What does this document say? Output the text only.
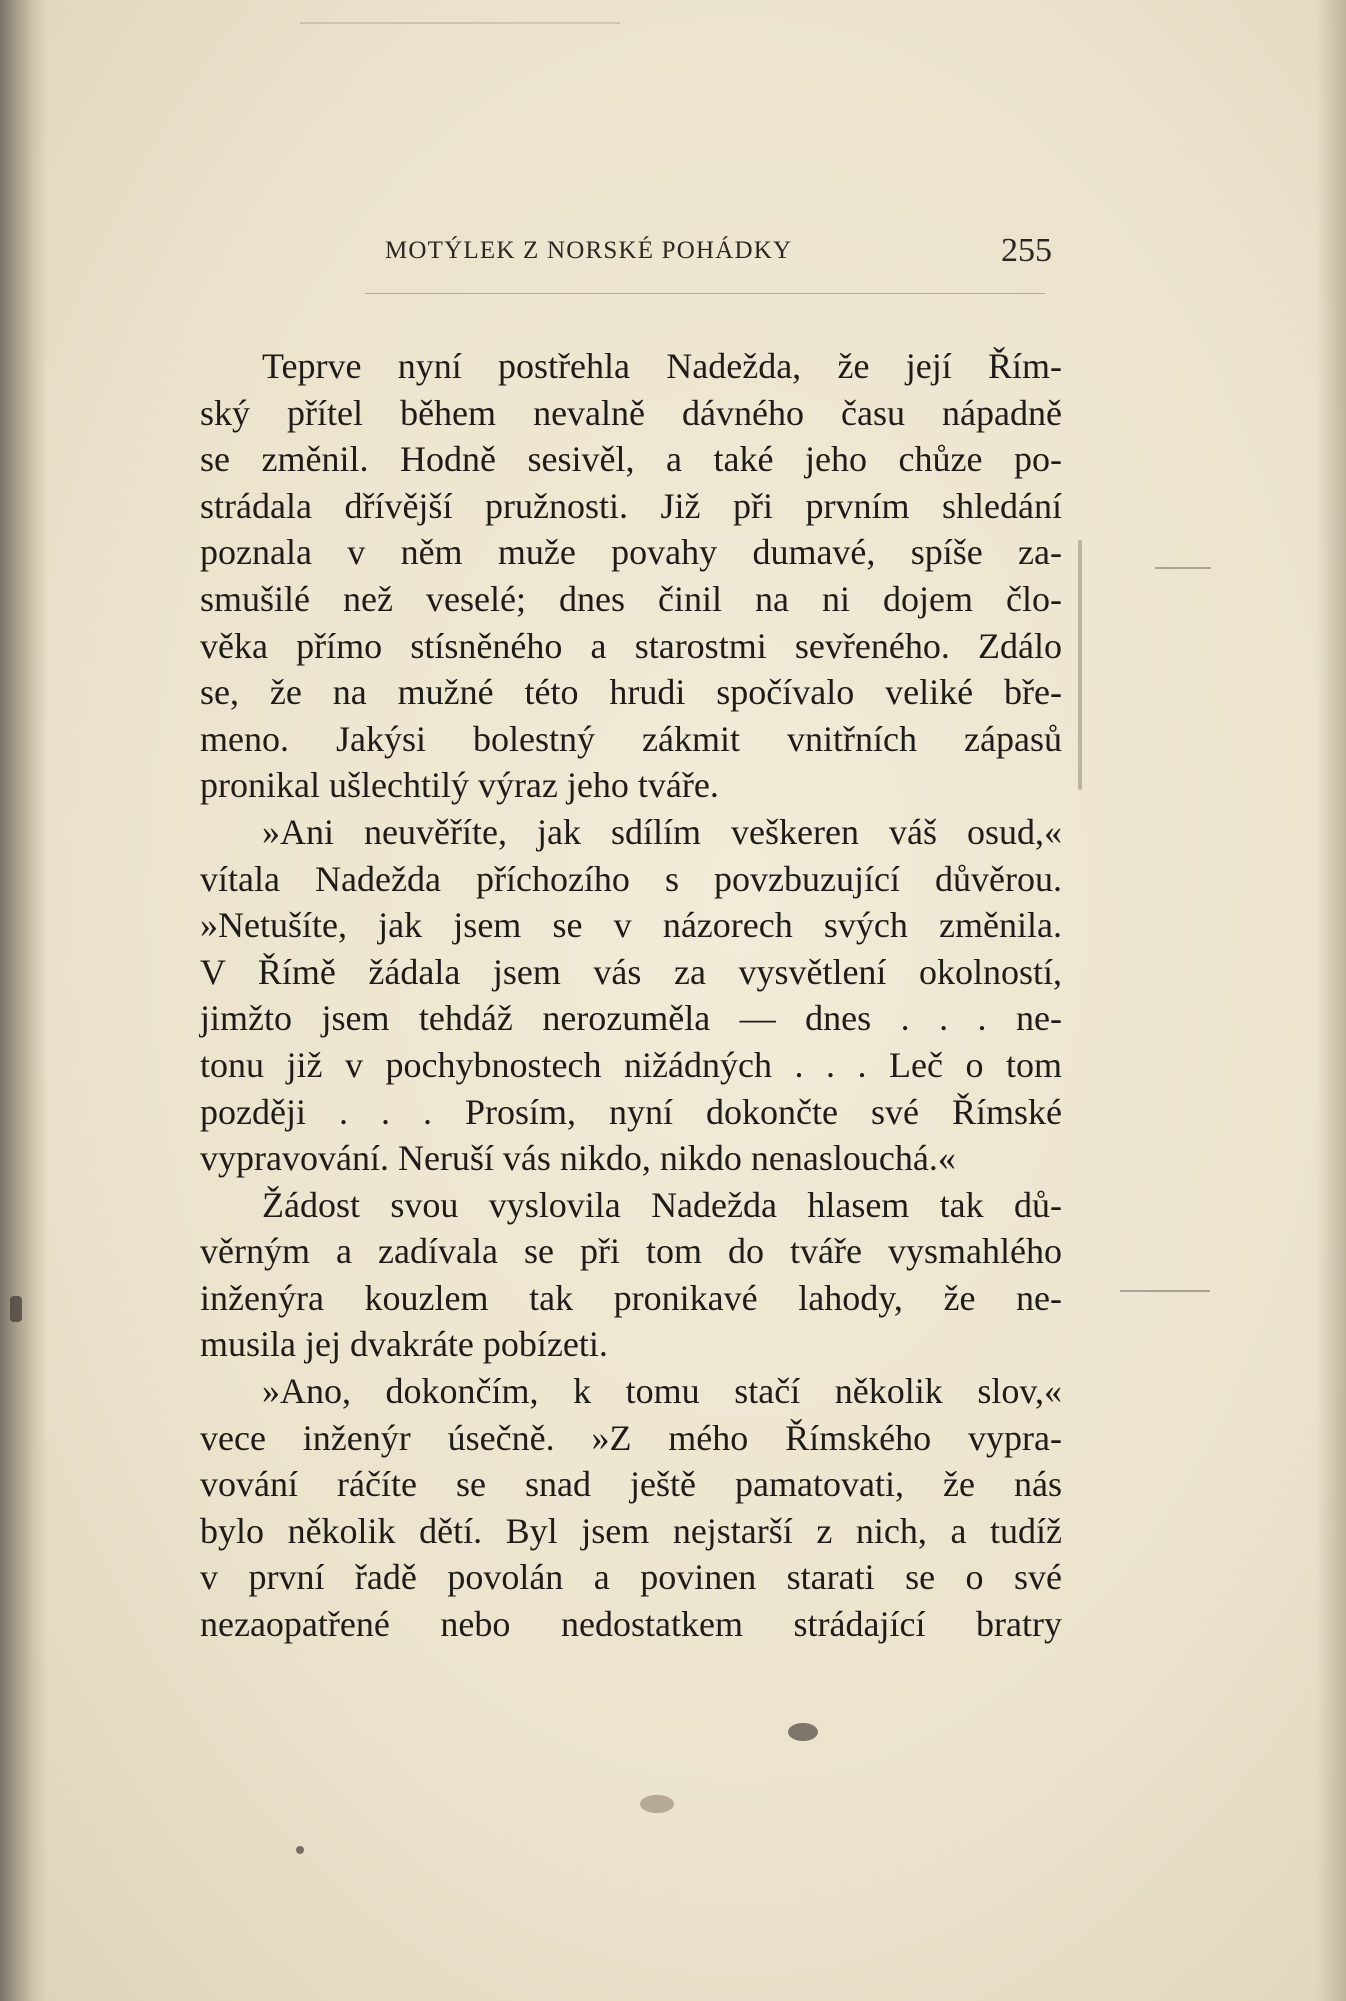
MOTÝLEK Z NORSKÉ POHÁDKY	255
Teprve nyní postřehla Nadežda, že její Řím-
ský přítel během nevalně dávného času nápadně
se změnil. Hodně sesivěl, a také jeho chůze po-
strádala dřívější pružnosti. Již při prvním shledání
poznala v něm muže povahy dumavé, spíše za-
smušilé než veselé; dnes činil na ni dojem člo-
věka přímo stísněného a starostmi sevřeného. Zdálo
se, že na mužné této hrudi spočívalo veliké bře-
meno. Jakýsi bolestný zákmit vnitřních zápasů
pronikal ušlechtilý výraz jeho tváře.
»Ani neuvěříte, jak sdílím veškeren váš osud,«
vítala Nadežda příchozího s povzbuzující důvěrou.
»Netušíte, jak jsem se v názorech svých změnila.
V Římě žádala jsem vás za vysvětlení okolností,
jimžto jsem tehdáž nerozuměla — dnes . . . ne-
tonu již v pochybnostech nižádných . . . Leč o tom
později . . . Prosím, nyní dokončte své Římské
vypravování. Neruší vás nikdo, nikdo nenaslouchá.«
Žádost svou vyslovila Nadežda hlasem tak dů-
věrným a zadívala se při tom do tváře vysmahlého
inženýra kouzlem tak pronikavé lahody, že ne-
musila jej dvakráte pobízeti.
»Ano, dokončím, k tomu stačí několik slov,«
vece inženýr úsečně. »Z mého Římského vypra-
vování ráčíte se snad ještě pamatovati, že nás
bylo několik dětí. Byl jsem nejstarší z nich, a tudíž
v první řadě povolán a povinen starati se o své
nezaopatřené nebo nedostatkem strádající bratry
